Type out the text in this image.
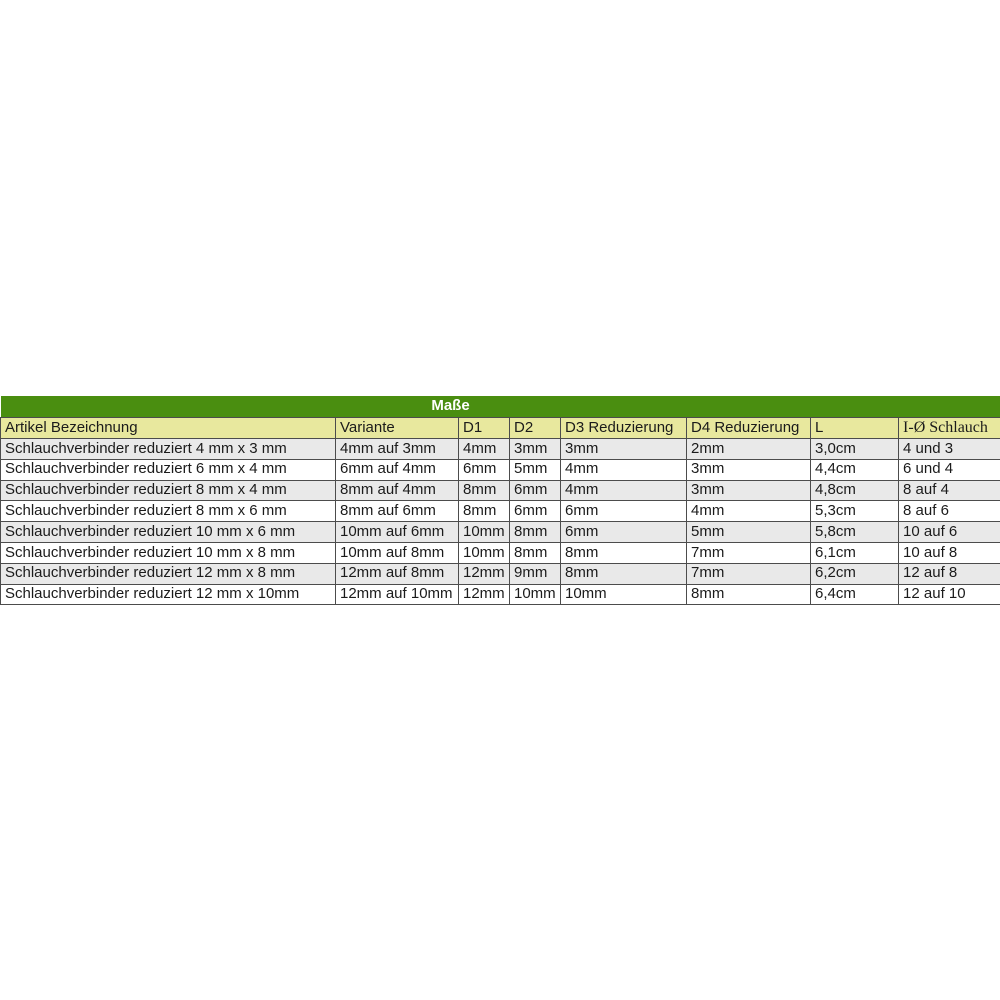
Maße							
Artikel Bezeichnung	Variante	D1	D2	D3 Reduzierung	D4 Reduzierung	L	I-Ø Schlauch
Schlauchverbinder reduziert 4 mm x 3 mm	4mm auf 3mm	4mm	3mm	3mm	2mm	3,0cm	4 und 3
Schlauchverbinder reduziert 6 mm x 4 mm	6mm auf 4mm	6mm	5mm	4mm	3mm	4,4cm	6 und 4
Schlauchverbinder reduziert 8 mm x 4 mm	8mm auf 4mm	8mm	6mm	4mm	3mm	4,8cm	8 auf 4
Schlauchverbinder reduziert 8 mm x 6 mm	8mm auf 6mm	8mm	6mm	6mm	4mm	5,3cm	8 auf 6
Schlauchverbinder reduziert 10 mm x 6 mm	10mm auf 6mm	10mm	8mm	6mm	5mm	5,8cm	10 auf 6
Schlauchverbinder reduziert 10 mm x 8 mm	10mm auf 8mm	10mm	8mm	8mm	7mm	6,1cm	10 auf 8
Schlauchverbinder reduziert 12 mm x 8 mm	12mm auf 8mm	12mm	9mm	8mm	7mm	6,2cm	12 auf 8
Schlauchverbinder reduziert 12 mm x 10mm	12mm auf 10mm	12mm	10mm	10mm	8mm	6,4cm	12 auf 10
